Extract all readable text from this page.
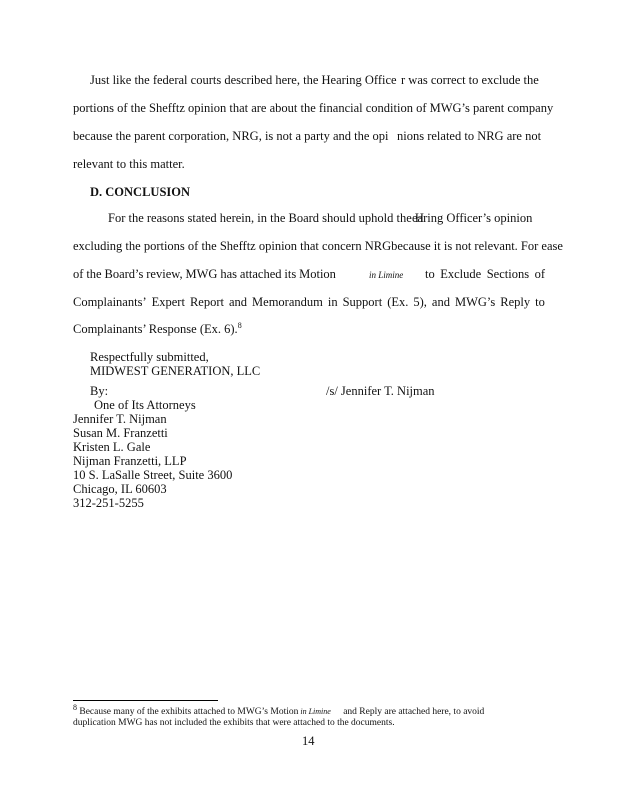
Just like the federal courts described here, the Hearing Office r was correct to exclude the
portions of the Shefftz opinion that are about the financial condition of MWG’s parent company
because the parent corporation, NRG, is not a party and the opi nions related to NRG are not
relevant to this matter.
D. CONCLUSION
For the reasons stated herein, in the Board should uphold the H
earing Officer’s opinion
excluding the portions of the Shefftz opinion that concern NRGbecause it is not relevant. For ease
of the Board’s review, MWG has attached its Motion	in Limine to Exclude Sections of
Complainants’ Expert Report and Memorandum in Support (Ex. 5), and MWG’s Reply to
Complainants’ Response (Ex. 6).$^8$
Respectfully submitted,
MIDWEST GENERATION, LLC
By:	/s/ Jennifer T. Nijman
One of Its Attorneys
Jennifer T. Nijman
Susan M. Franzetti
Kristen L. Gale
Nijman Franzetti, LLP
10 S. LaSalle Street, Suite 3600
Chicago, IL 60603
312-251-5255
$^8$ Because many of the exhibits attached to MWG’s Motion in Limine and Reply are attached here, to avoid
duplication MWG has not included the exhibits that were attached to the documents.
14
